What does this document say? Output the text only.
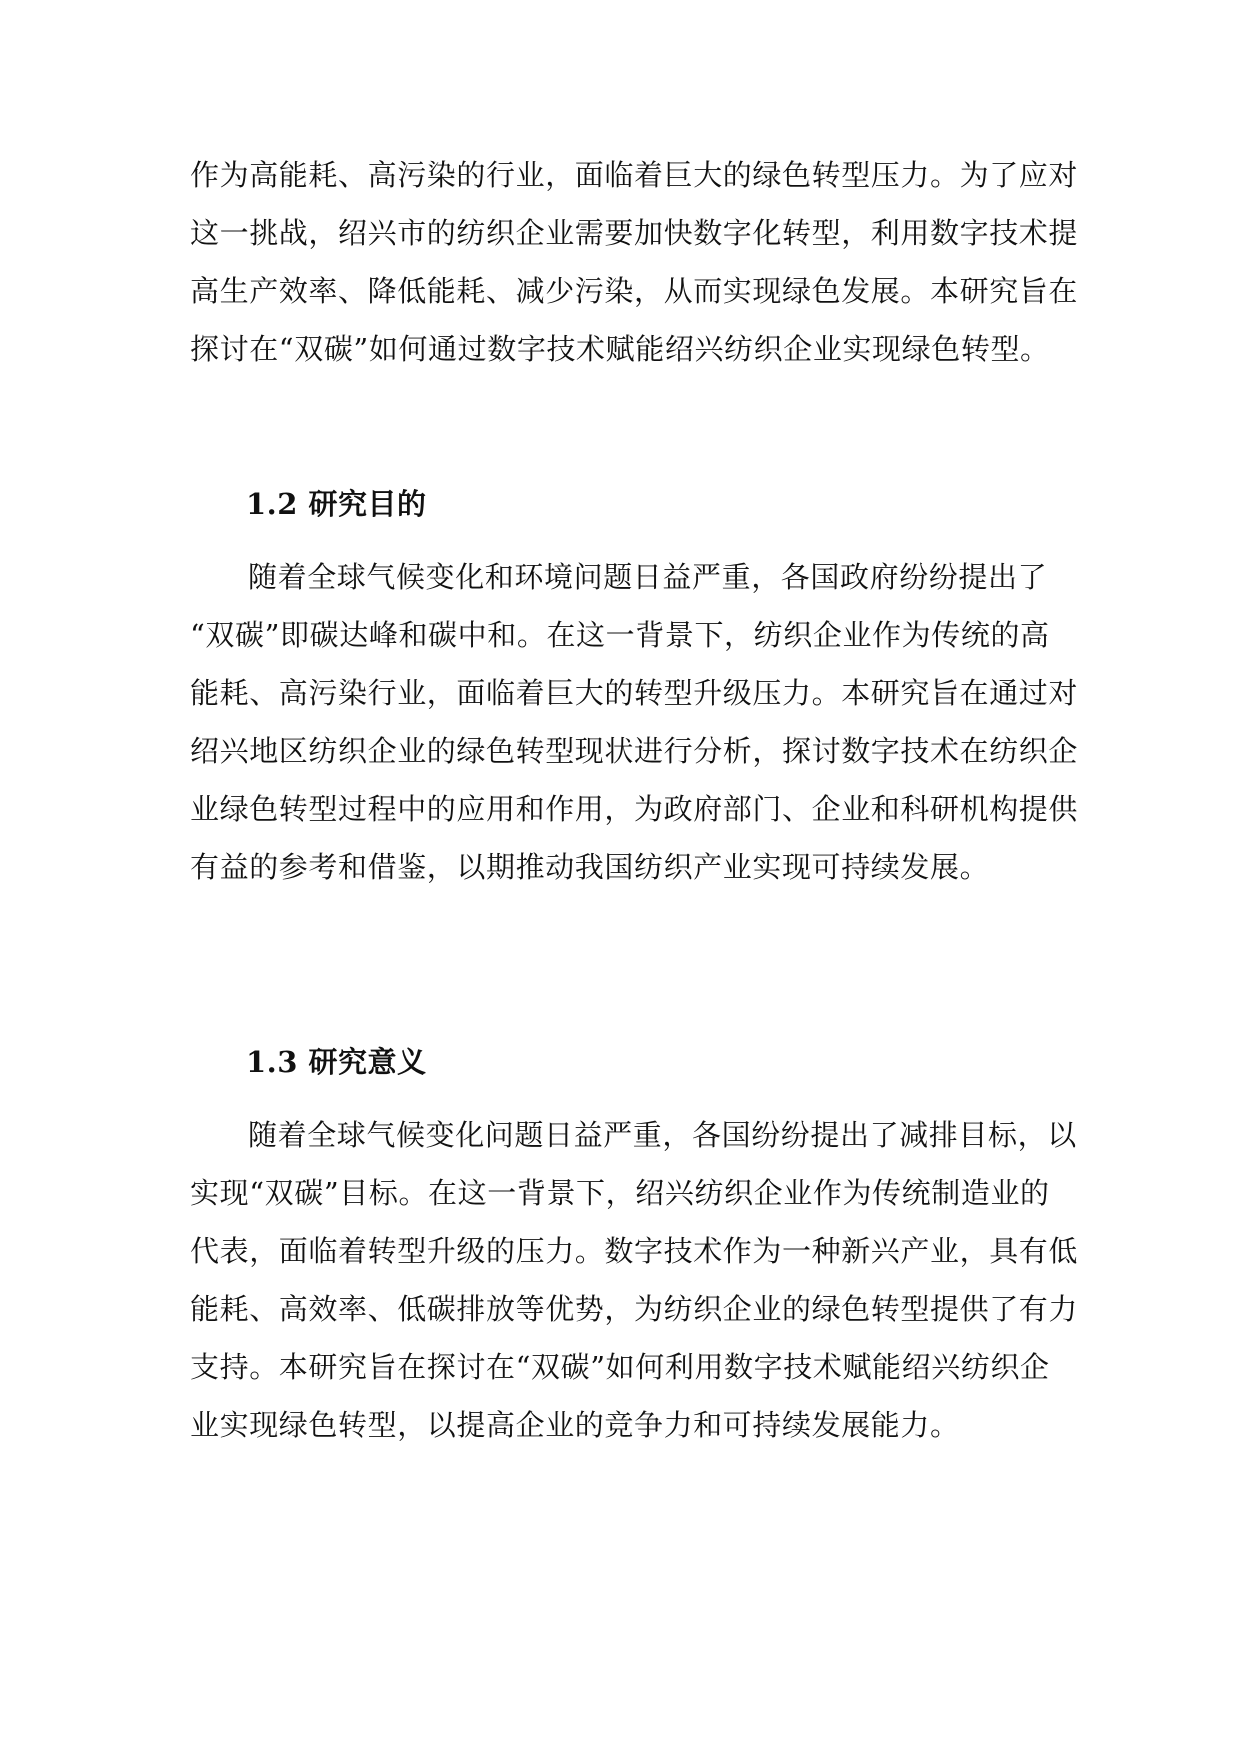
作为高能耗、高污染的行业，面临着巨大的绿色转型压力。为了应对
这一挑战，绍兴市的纺织企业需要加快数字化转型，利用数字技术提
高生产效率、降低能耗、减少污染，从而实现绿色发展。本研究旨在
探讨在“双碳”如何通过数字技术赋能绍兴纺织企业实现绿色转型。
1.2 研究目的
随着全球气候变化和环境问题日益严重，各国政府纷纷提出了
“双碳”即碳达峰和碳中和。在这一背景下，纺织企业作为传统的高
能耗、高污染行业，面临着巨大的转型升级压力。本研究旨在通过对
绍兴地区纺织企业的绿色转型现状进行分析，探讨数字技术在纺织企
业绿色转型过程中的应用和作用，为政府部门、企业和科研机构提供
有益的参考和借鉴，以期推动我国纺织产业实现可持续发展。
1.3 研究意义
随着全球气候变化问题日益严重，各国纷纷提出了减排目标，以
实现“双碳”目标。在这一背景下，绍兴纺织企业作为传统制造业的
代表，面临着转型升级的压力。数字技术作为一种新兴产业，具有低
能耗、高效率、低碳排放等优势，为纺织企业的绿色转型提供了有力
支持。本研究旨在探讨在“双碳”如何利用数字技术赋能绍兴纺织企
业实现绿色转型，以提高企业的竞争力和可持续发展能力。
